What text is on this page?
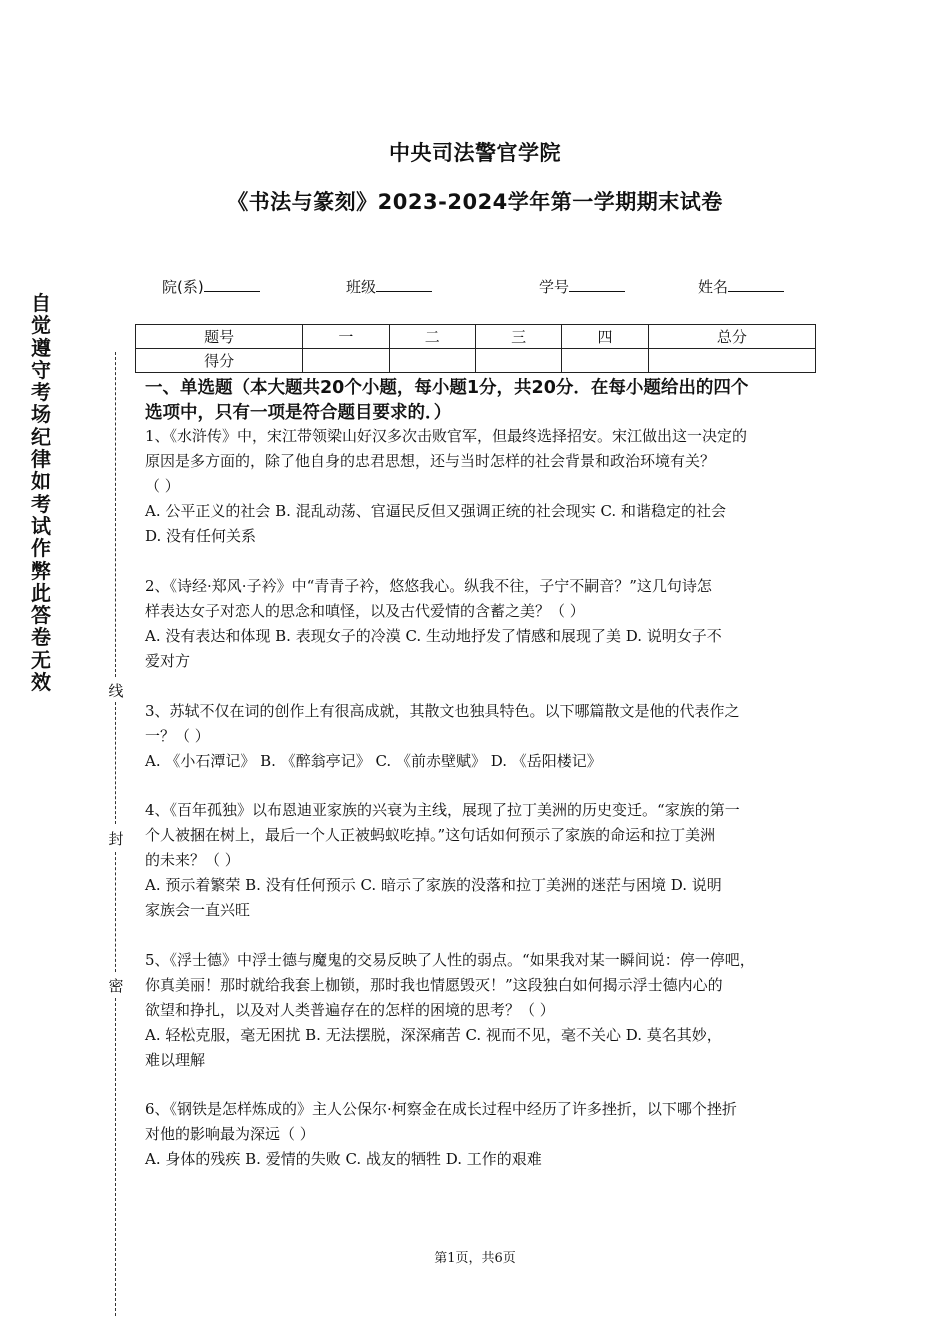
中央司法警官学院
《书法与篆刻》2023-2024学年第一学期期末试卷
院(系)	班级	学号	姓名
题号	一	二	三	四	总分
得分					
自
觉
遵
守
考
场
纪
律
如
考
试
作
弊
此
答
卷
无
效	线
封
密
一、单选题（本大题共20个小题，每小题1分，共20分．在每小题给出的四个
选项中，只有一项是符合题目要求的．）

1、《水浒传》中，宋江带领梁山好汉多次击败官军，但最终选择招安。宋江做出这一决定的

原因是多方面的，除了他自身的忠君思想，还与当时怎样的社会背景和政治环境有关？

（ ）

A. 公平正义的社会 B. 混乱动荡、官逼民反但又强调正统的社会现实 C. 和谐稳定的社会

D. 没有任何关系

2、《诗经·郑风·子衿》中“青青子衿，悠悠我心。纵我不往，子宁不嗣音？”这几句诗怎

样表达女子对恋人的思念和嗔怪，以及古代爱情的含蓄之美？（ ）

A. 没有表达和体现 B. 表现女子的冷漠 C. 生动地抒发了情感和展现了美 D. 说明女子不

爱对方

3、苏轼不仅在词的创作上有很高成就，其散文也独具特色。以下哪篇散文是他的代表作之

一？（ ）

A. 《小石潭记》 B. 《醉翁亭记》 C. 《前赤壁赋》 D. 《岳阳楼记》

4、《百年孤独》以布恩迪亚家族的兴衰为主线，展现了拉丁美洲的历史变迁。“家族的第一

个人被捆在树上，最后一个人正被蚂蚁吃掉。”这句话如何预示了家族的命运和拉丁美洲

的未来？（ ）

A. 预示着繁荣 B. 没有任何预示 C. 暗示了家族的没落和拉丁美洲的迷茫与困境 D. 说明

家族会一直兴旺

5、《浮士德》中浮士德与魔鬼的交易反映了人性的弱点。“如果我对某一瞬间说：停一停吧，

你真美丽！那时就给我套上枷锁，那时我也情愿毁灭！”这段独白如何揭示浮士德内心的

欲望和挣扎，以及对人类普遍存在的怎样的困境的思考？（ ）

A. 轻松克服，毫无困扰 B. 无法摆脱，深深痛苦 C. 视而不见，毫不关心 D. 莫名其妙，

难以理解

6、《钢铁是怎样炼成的》主人公保尔·柯察金在成长过程中经历了许多挫折，以下哪个挫折

对他的影响最为深远（ ）

A. 身体的残疾 B. 爱情的失败 C. 战友的牺牲 D. 工作的艰难

第1页，共6页
